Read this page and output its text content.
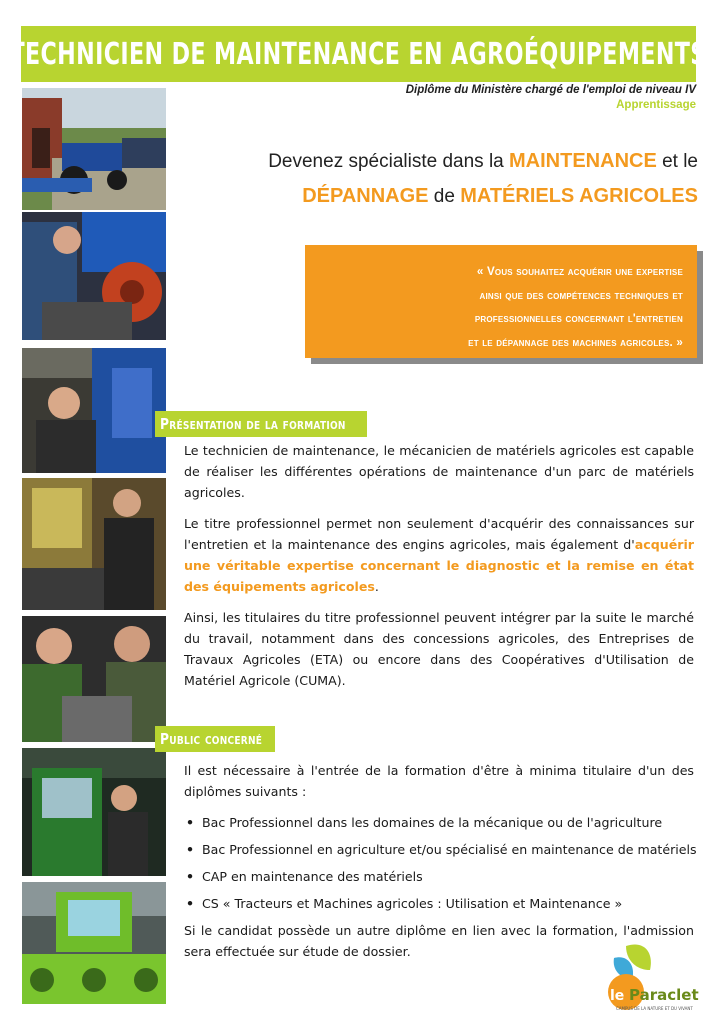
TECHNICIEN DE MAINTENANCE EN AGROÉQUIPEMENTS
Diplôme du Ministère chargé de l'emploi de niveau IV
Apprentissage
Devenez spécialiste dans la MAINTENANCE et le
DÉPANNAGE de MATÉRIELS AGRICOLES
« Vous souhaitez acquérir une expertise
ainsi que des compétences techniques et
professionnelles concernant l'entretien
et le dépannage des machines agricoles. »
Présentation de la formation

Le technicien de maintenance, le mécanicien de matériels agricoles est capable de réaliser les différentes opérations de maintenance d'un parc de matériels agricoles.

Le titre professionnel permet non seulement d'acquérir des connaissances sur l'entretien et la maintenance des engins agricoles, mais également d'acquérir une véritable expertise concernant le diagnostic et la remise en état des équipements agricoles.

Ainsi, les titulaires du titre professionnel peuvent intégrer par la suite le marché du travail, notamment dans des concessions agricoles, des Entreprises de Travaux Agricoles (ETA) ou encore dans des Coopératives d'Utilisation de Matériel Agricole (CUMA).

Public concerné

Il est nécessaire à l'entrée de la formation d'être à minima titulaire d'un des diplômes suivants :

• Bac Professionnel dans les domaines de la mécanique ou de l'agriculture
• Bac Professionnel en agriculture et/ou spécialisé en maintenance de matériels
• CAP en maintenance des matériels
• CS « Tracteurs et Machines agricoles : Utilisation et Maintenance »

Si le candidat possède un autre diplôme en lien avec la formation, l'admission sera effectuée sur étude de dossier.

le Paraclet
CAMPUS DE LA NATURE ET DU VIVANT
